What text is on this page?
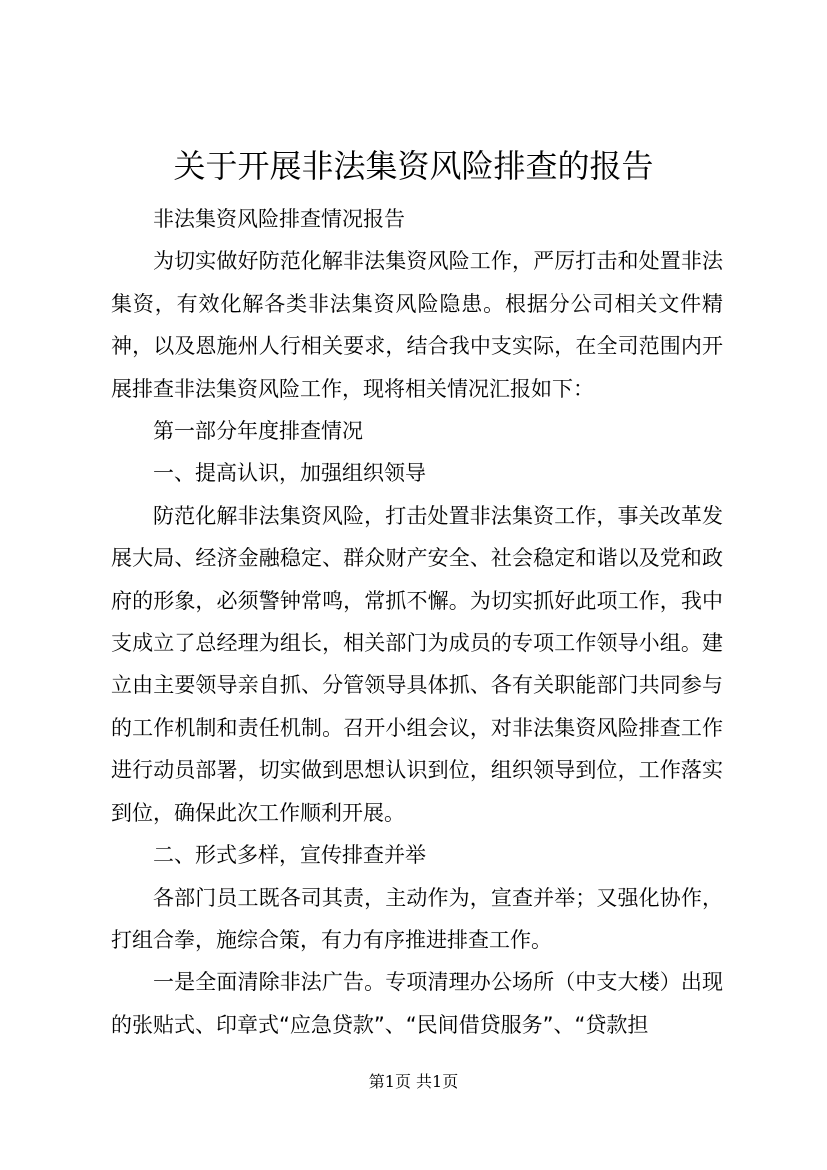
关于开展非法集资风险排查的报告

非法集资风险排查情况报告

为切实做好防范化解非法集资风险工作，严厉打击和处置非法集资，有效化解各类非法集资风险隐患。根据分公司相关文件精神，以及恩施州人行相关要求，结合我中支实际，在全司范围内开展排查非法集资风险工作，现将相关情况汇报如下：

第一部分年度排查情况

一、提高认识，加强组织领导

防范化解非法集资风险，打击处置非法集资工作，事关改革发展大局、经济金融稳定、群众财产安全、社会稳定和谐以及党和政府的形象，必须警钟常鸣，常抓不懈。为切实抓好此项工作，我中支成立了总经理为组长，相关部门为成员的专项工作领导小组。建立由主要领导亲自抓、分管领导具体抓、各有关职能部门共同参与的工作机制和责任机制。召开小组会议，对非法集资风险排查工作进行动员部署，切实做到思想认识到位，组织领导到位，工作落实到位，确保此次工作顺利开展。

二、形式多样，宣传排查并举

各部门员工既各司其责，主动作为，宣查并举；又强化协作，打组合拳，施综合策，有力有序推进排查工作。

一是全面清除非法广告。专项清理办公场所（中支大楼）出现的张贴式、印章式“应急贷款”、“民间借贷服务”、“贷款担

第1页 共1页
